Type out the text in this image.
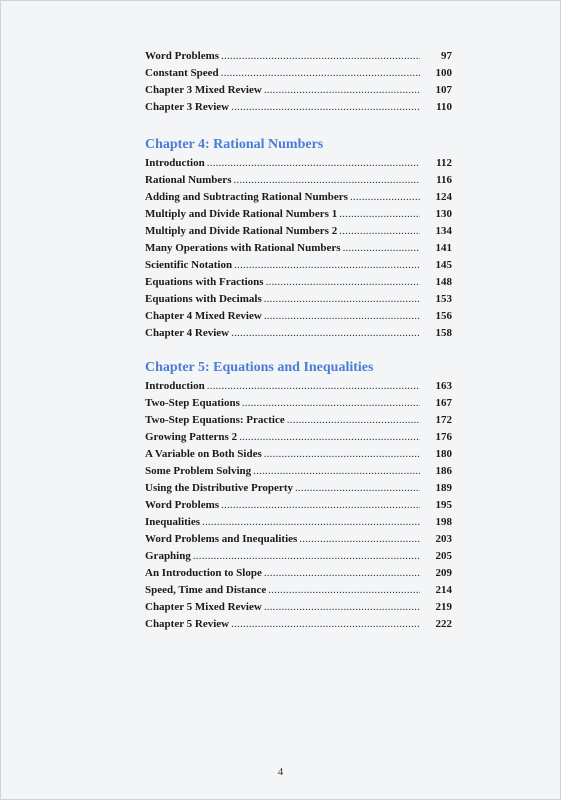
Word Problems .....	97
Constant Speed .....	100
Chapter 3 Mixed Review .....	107
Chapter 3 Review .....	110
Chapter 4: Rational Numbers
Introduction .....	112
Rational Numbers .....	116
Adding and Subtracting Rational Numbers .....	124
Multiply and Divide Rational Numbers 1 .....	130
Multiply and Divide Rational Numbers 2 .....	134
Many Operations with Rational Numbers .....	141
Scientific Notation .....	145
Equations with Fractions .....	148
Equations with Decimals .....	153
Chapter 4 Mixed Review .....	156
Chapter 4 Review .....	158
Chapter 5: Equations and Inequalities
Introduction .....	163
Two-Step Equations .....	167
Two-Step Equations: Practice .....	172
Growing Patterns 2 .....	176
A Variable on Both Sides .....	180
Some Problem Solving .....	186
Using the Distributive Property .....	189
Word Problems .....	195
Inequalities .....	198
Word Problems and Inequalities .....	203
Graphing .....	205
An Introduction to Slope .....	209
Speed, Time and Distance .....	214
Chapter 5 Mixed Review .....	219
Chapter 5 Review .....	222
4
